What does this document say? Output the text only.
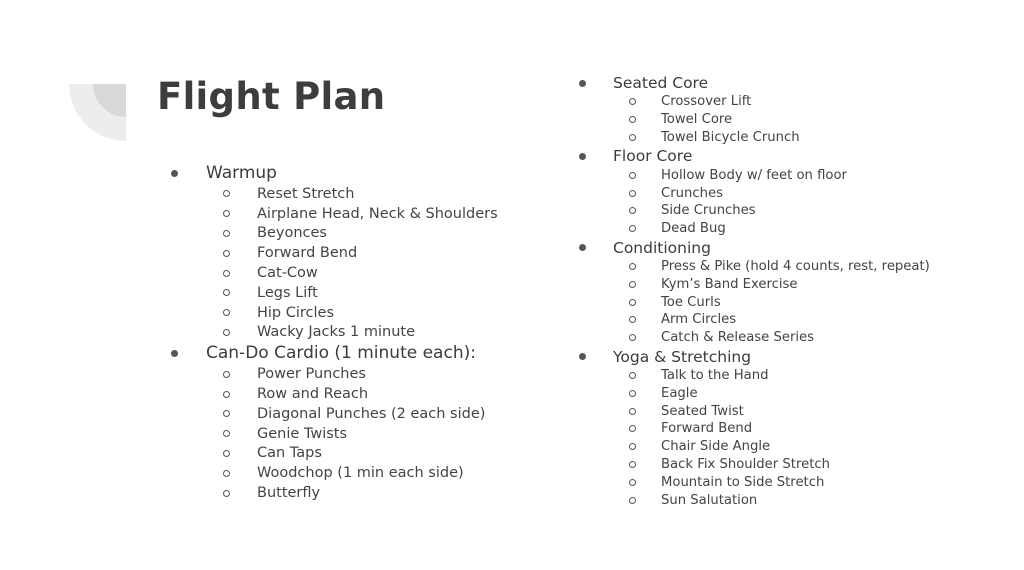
Flight Plan
Warmup
Reset Stretch
Airplane Head, Neck & Shoulders
Beyonces
Forward Bend
Cat-Cow
Legs Lift
Hip Circles
Wacky Jacks 1 minute
Can-Do Cardio (1 minute each):
Power Punches
Row and Reach
Diagonal Punches (2 each side)
Genie Twists
Can Taps
Woodchop (1 min each side)
Butterfly
Seated Core
Crossover Lift
Towel Core
Towel Bicycle Crunch
Floor Core
Hollow Body w/ feet on floor
Crunches
Side Crunches
Dead Bug
Conditioning
Press & Pike (hold 4 counts, rest, repeat)
Kym’s Band Exercise
Toe Curls
Arm Circles
Catch & Release Series
Yoga & Stretching
Talk to the Hand
Eagle
Seated Twist
Forward Bend
Chair Side Angle
Back Fix Shoulder Stretch
Mountain to Side Stretch
Sun Salutation
